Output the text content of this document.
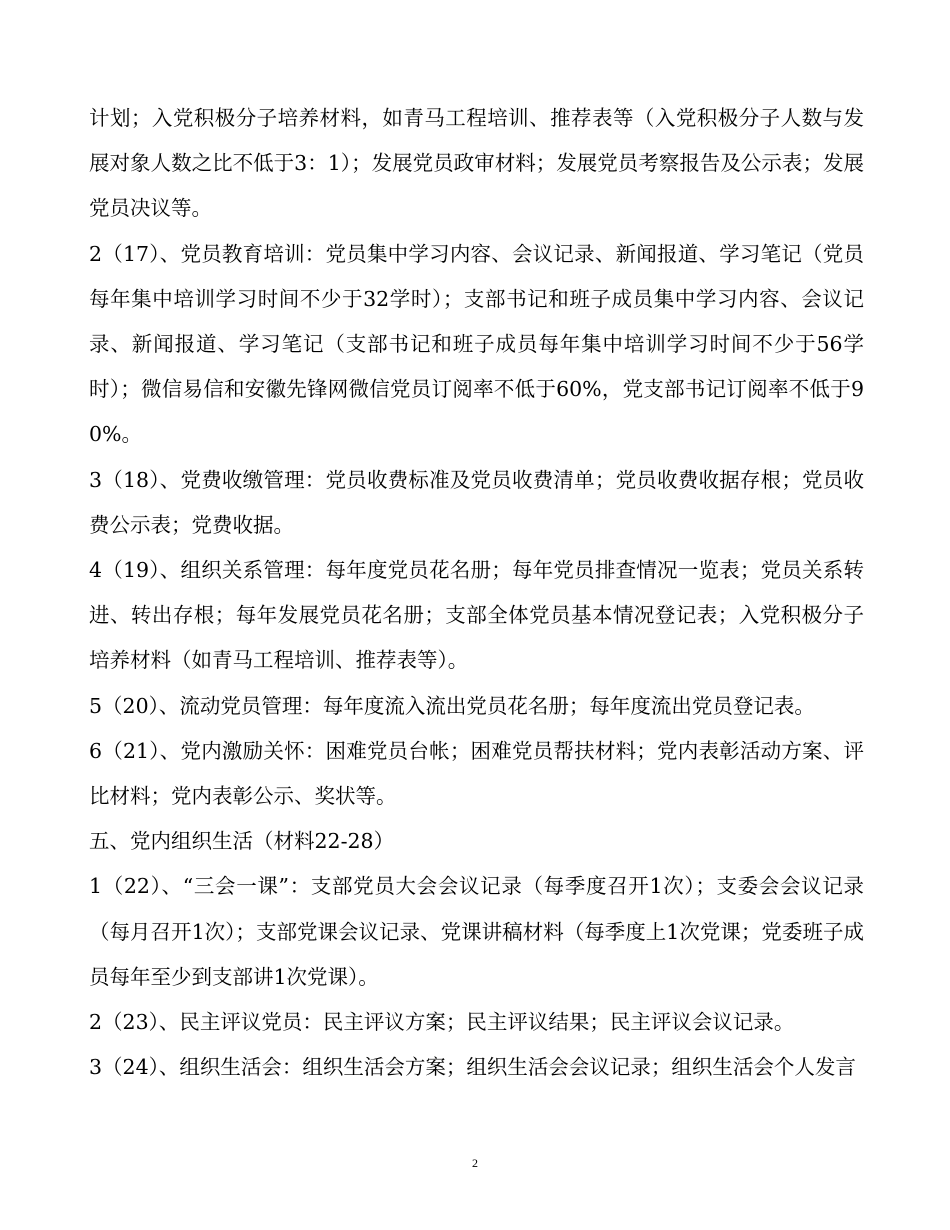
计划；入党积极分子培养材料，如青马工程培训、推荐表等（入党积极分子人数与发展对象人数之比不低于3：1）；发展党员政审材料；发展党员考察报告及公示表；发展党员决议等。

2（17）、党员教育培训：党员集中学习内容、会议记录、新闻报道、学习笔记（党员每年集中培训学习时间不少于32学时）；支部书记和班子成员集中学习内容、会议记录、新闻报道、学习笔记（支部书记和班子成员每年集中培训学习时间不少于56学时）；微信易信和安徽先锋网微信党员订阅率不低于60%，党支部书记订阅率不低于90%。

3（18）、党费收缴管理：党员收费标准及党员收费清单；党员收费收据存根；党员收费公示表；党费收据。

4（19）、组织关系管理：每年度党员花名册；每年党员排查情况一览表；党员关系转进、转出存根；每年发展党员花名册；支部全体党员基本情况登记表；入党积极分子培养材料（如青马工程培训、推荐表等）。

5（20）、流动党员管理：每年度流入流出党员花名册；每年度流出党员登记表。

6（21）、党内激励关怀：困难党员台帐；困难党员帮扶材料；党内表彰活动方案、评比材料；党内表彰公示、奖状等。

五、党内组织生活（材料22-28）

1（22）、“三会一课”：支部党员大会会议记录（每季度召开1次）；支委会会议记录（每月召开1次）；支部党课会议记录、党课讲稿材料（每季度上1次党课；党委班子成员每年至少到支部讲1次党课）。

2（23）、民主评议党员：民主评议方案；民主评议结果；民主评议会议记录。

3（24）、组织生活会：组织生活会方案；组织生活会会议记录；组织生活会个人发言

2
